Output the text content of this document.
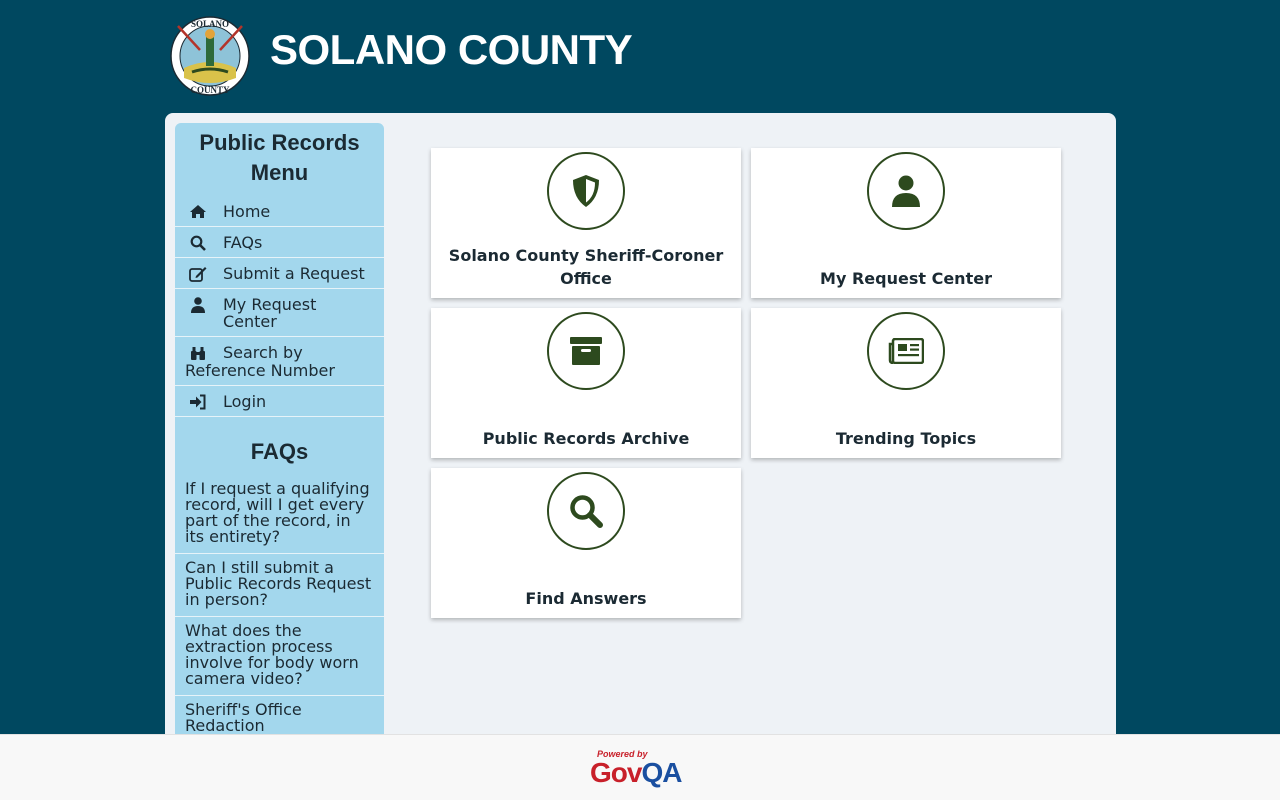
SOLANO
COUNTY
SOLANO COUNTY
Public Records Menu
Home
FAQs
Submit a Request
My Request Center
Search by Reference Number
Login
FAQs
If I request a qualifying record, will I get every part of the record, in its entirety?
Can I still submit a Public Records Request in person?
What does the extraction process involve for body worn camera video?
Sheriff's Office Redaction
Solano County Sheriff-Coroner Office	My Request Center
Public Records Archive	Trending Topics
Find Answers
Powered by
GovQA
